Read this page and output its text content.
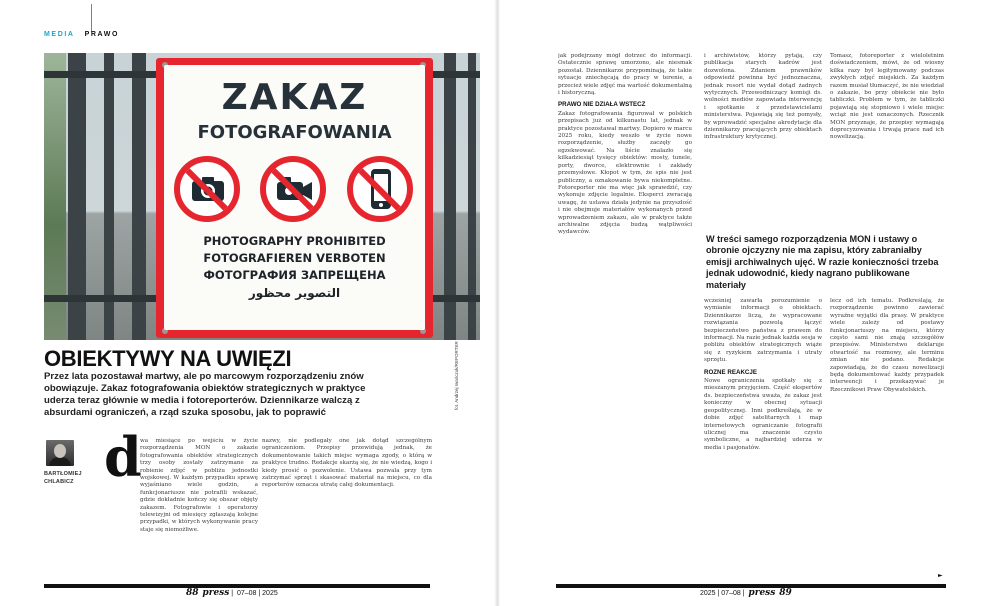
MEDIA PRAWO
ZAKAZ
FOTOGRAFOWANIA
PHOTOGRAPHY PROHIBITED
FOTOGRAFIEREN VERBOTEN
ФОТОГРАФИЯ ЗАПРЕЩЕНА
التصوير محظور
fot. Andrzej Iwańczuk/REPORTER
OBIEKTYWY NA UWIĘZI
Przez lata pozostawał martwy, ale po marcowym rozporządzeniu znów obowiązuje. Zakaz fotografowania obiektów strategicznych w praktyce uderza teraz głównie w media i fotoreporterów. Dziennikarze walczą z absurdami ograniczeń, a rząd szuka sposobu, jak to poprawić
BARTŁOMIEJ CHLABICZ d
wa miesiące po wejściu w życie rozporządzenia MON o zakazie fotografowania obiektów strategicznych trzy osoby zostały zatrzymane za robienie zdjęć w pobliżu jednostki wojskowej. W każdym przypadku sprawę wyjaśniano wiele godzin, a funkcjonariusze nie potrafili wskazać, gdzie dokładnie kończy się obszar objęty zakazem. Fotografowie i operatorzy telewizyjni od miesięcy zgłaszają kolejne przypadki, w których wykonywanie pracy staje się niemożliwe.
nazwy, nie podlegały one jak dotąd szczególnym ograniczeniom. Przepisy przewidują jednak, że dokumentowanie takich miejsc wymaga zgody, o którą w praktyce trudno. Redakcje skarżą się, że nie wiedzą, kogo i kiedy prosić o pozwolenie. Ustawa pozwala przy tym zatrzymać sprzęt i skasować materiał na miejscu, co dla reporterów oznacza utratę całej dokumentacji.
jak podejrzany mógł dotrzeć do informacji. Ostatecznie sprawę umorzono, ale niesmak pozostał. Dziennikarze przypominają, że takie sytuacje zniechęcają do pracy w terenie, a przecież wiele zdjęć ma wartość dokumentalną i historyczną.
PRAWO NIE DZIAŁA WSTECZ
Zakaz fotografowania figurował w polskich przepisach już od kilkunastu lat, jednak w praktyce pozostawał martwy. Dopiero w marcu 2025 roku, kiedy weszło w życie nowe rozporządzenie, służby zaczęły go egzekwować. Na liście znalazło się kilkadziesiąt tysięcy obiektów: mosty, tunele, porty, dworce, elektrownie i zakłady przemysłowe. Kłopot w tym, że spis nie jest publiczny, a oznakowanie bywa niekompletne. Fotoreporter nie ma więc jak sprawdzić, czy wykonuje zdjęcie legalnie. Eksperci zwracają uwagę, że ustawa działa jedynie na przyszłość i nie obejmuje materiałów wykonanych przed wprowadzeniem zakazu, ale w praktyce także archiwalne zdjęcia budzą wątpliwości wydawców.
i archiwistów, którzy pytają, czy publikacja starych kadrów jest dozwolona. Zdaniem prawników odpowiedź powinna być jednoznaczna, jednak resort nie wydał dotąd żadnych wytycznych. Przewodniczący komisji ds. wolności mediów zapowiada interwencję i spotkanie z przedstawicielami ministerstwa. Pojawiają się też pomysły, by wprowadzić specjalne akredytacje dla dziennikarzy pracujących przy obiektach infrastruktury krytycznej.
Tomasz, fotoreporter z wieloletnim doświadczeniem, mówi, że od wiosny kilka razy był legitymowany podczas zwykłych zdjęć miejskich. Za każdym razem musiał tłumaczyć, że nie wiedział o zakazie, bo przy obiekcie nie było tabliczki. Problem w tym, że tabliczki pojawiają się stopniowo i wiele miejsc wciąż nie jest oznaczonych. Rzecznik MON przyznaje, że przepisy wymagają doprecyzowania i trwają prace nad ich nowelizacją.
W treści samego rozporządzenia MON i ustawy o obronie ojczyzny nie ma zapisu, który zabraniałby emisji archiwalnych ujęć. W razie konieczności trzeba jednak udowodnić, kiedy nagrano publikowane materiały
wcześniej zawarła porozumienie o wymianie informacji o obiektach. Dziennikarze liczą, że wypracowane rozwiązania pozwolą łączyć bezpieczeństwo państwa z prawem do informacji. Na razie jednak każda sesja w pobliżu obiektów strategicznych wiąże się z ryzykiem zatrzymania i utraty sprzętu.
ROZNE REAKCJE
Nowe ograniczenia spotkały się z mieszanym przyjęciem. Część ekspertów ds. bezpieczeństwa uważa, że zakaz jest konieczny w obecnej sytuacji geopolitycznej. Inni podkreślają, że w dobie zdjęć satelitarnych i map internetowych ograniczanie fotografii ulicznej ma znaczenie czysto symboliczne, a najbardziej uderza w media i pasjonatów.
lecz od ich tematu. Podkreślają, że rozporządzenie powinno zawierać wyraźne wyjątki dla prasy. W praktyce wiele zależy od postawy funkcjonariuszy na miejscu, którzy często sami nie znają szczegółów przepisów. Ministerstwo deklaruje otwartość na rozmowy, ale terminu zmian nie podano. Redakcje zapowiadają, że do czasu nowelizacji będą dokumentować każdy przypadek interwencji i przekazywać je Rzecznikowi Praw Obywatelskich.
►
88 press |  07–08 | 2025	2025 | 07–08 |  press 89
